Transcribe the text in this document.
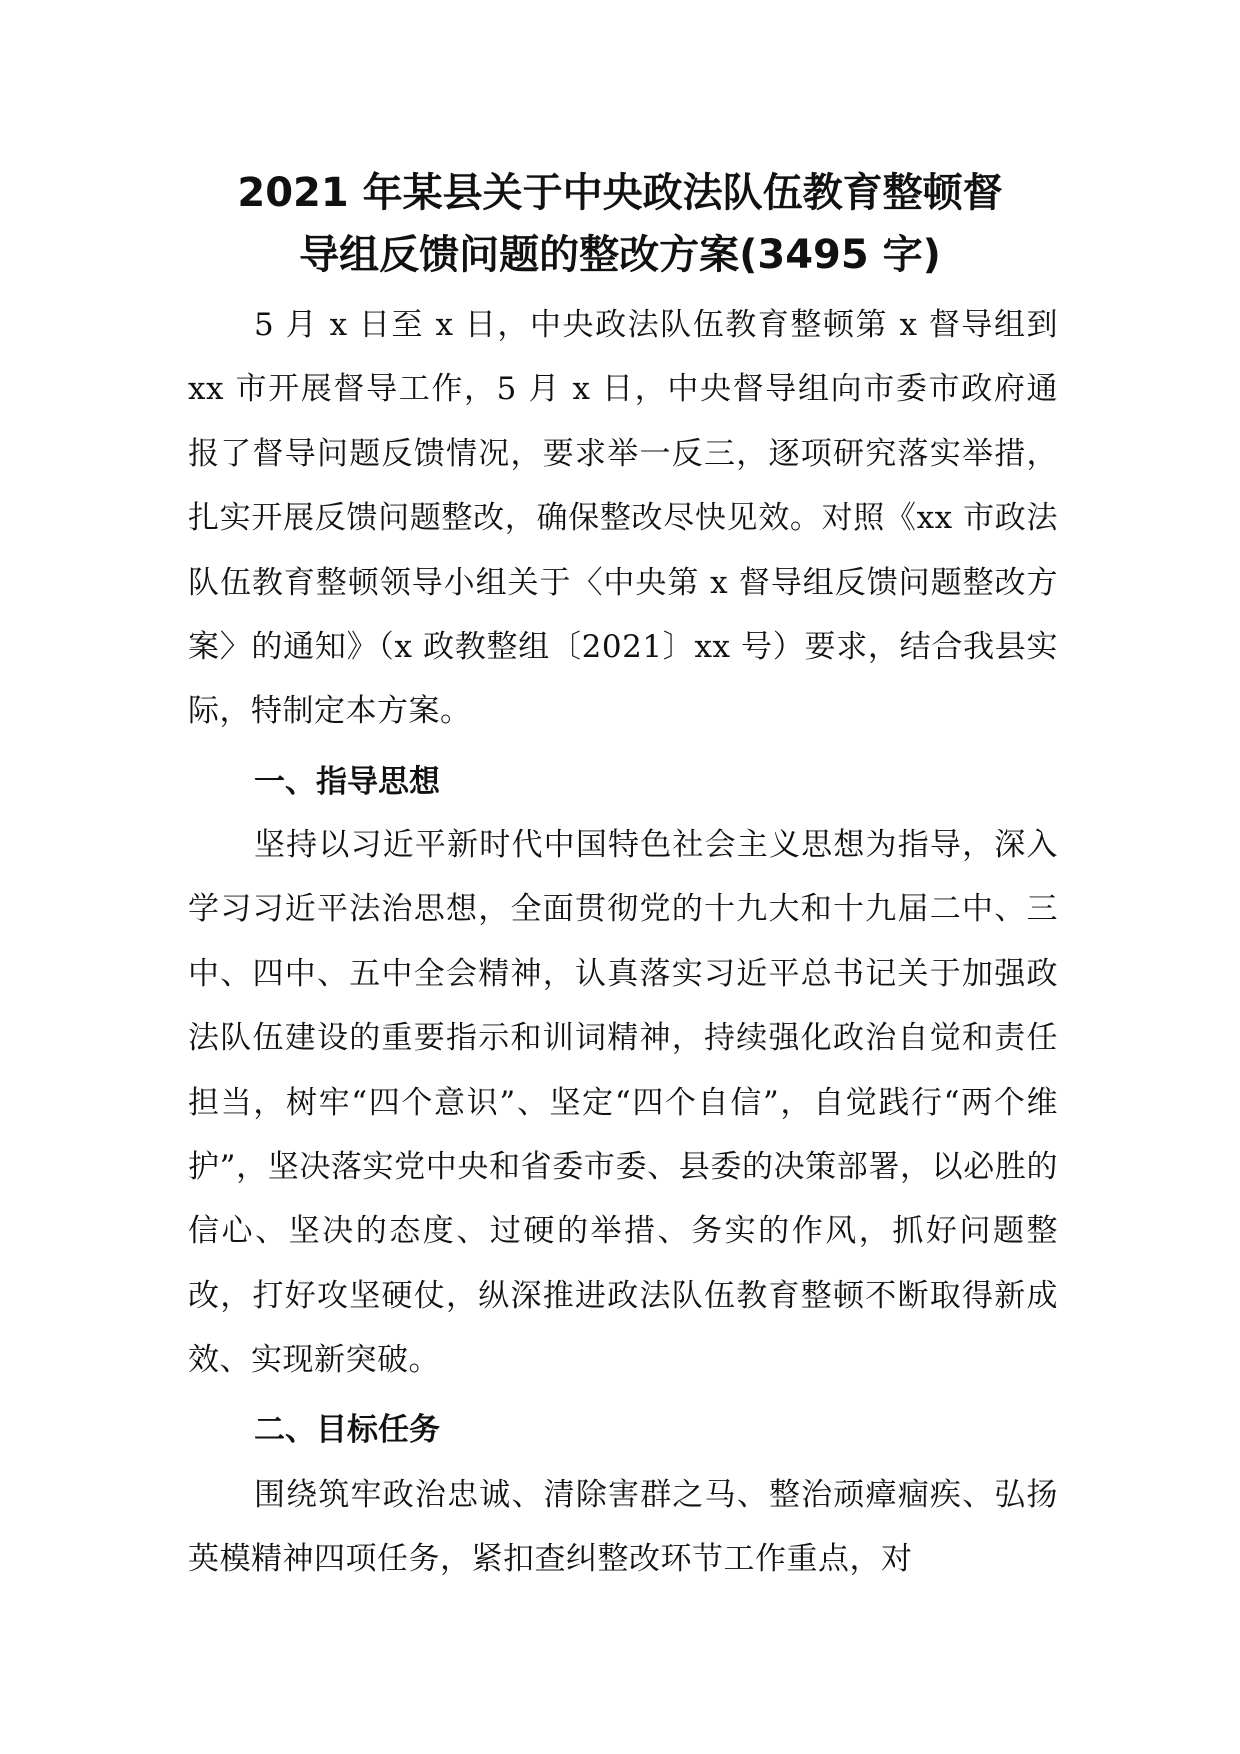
2021 年某县关于中央政法队伍教育整顿督
导组反馈问题的整改方案(3495 字)

5 月 x 日至 x 日，中央政法队伍教育整顿第 x 督导组到 xx 市开展督导工作，5 月 x 日，中央督导组向市委市政府通报了督导问题反馈情况，要求举一反三，逐项研究落实举措，扎实开展反馈问题整改，确保整改尽快见效。对照《xx 市政法队伍教育整顿领导小组关于〈中央第 x 督导组反馈问题整改方案〉的通知》（x 政教整组〔2021〕xx 号）要求，结合我县实际，特制定本方案。

一、指导思想

坚持以习近平新时代中国特色社会主义思想为指导，深入学习习近平法治思想，全面贯彻党的十九大和十九届二中、三中、四中、五中全会精神，认真落实习近平总书记关于加强政法队伍建设的重要指示和训词精神，持续强化政治自觉和责任担当，树牢“四个意识”、坚定“四个自信”，自觉践行“两个维护”，坚决落实党中央和省委市委、县委的决策部署，以必胜的信心、坚决的态度、过硬的举措、务实的作风，抓好问题整改，打好攻坚硬仗，纵深推进政法队伍教育整顿不断取得新成效、实现新突破。

二、目标任务

围绕筑牢政治忠诚、清除害群之马、整治顽瘴痼疾、弘扬英模精神四项任务，紧扣查纠整改环节工作重点，对
